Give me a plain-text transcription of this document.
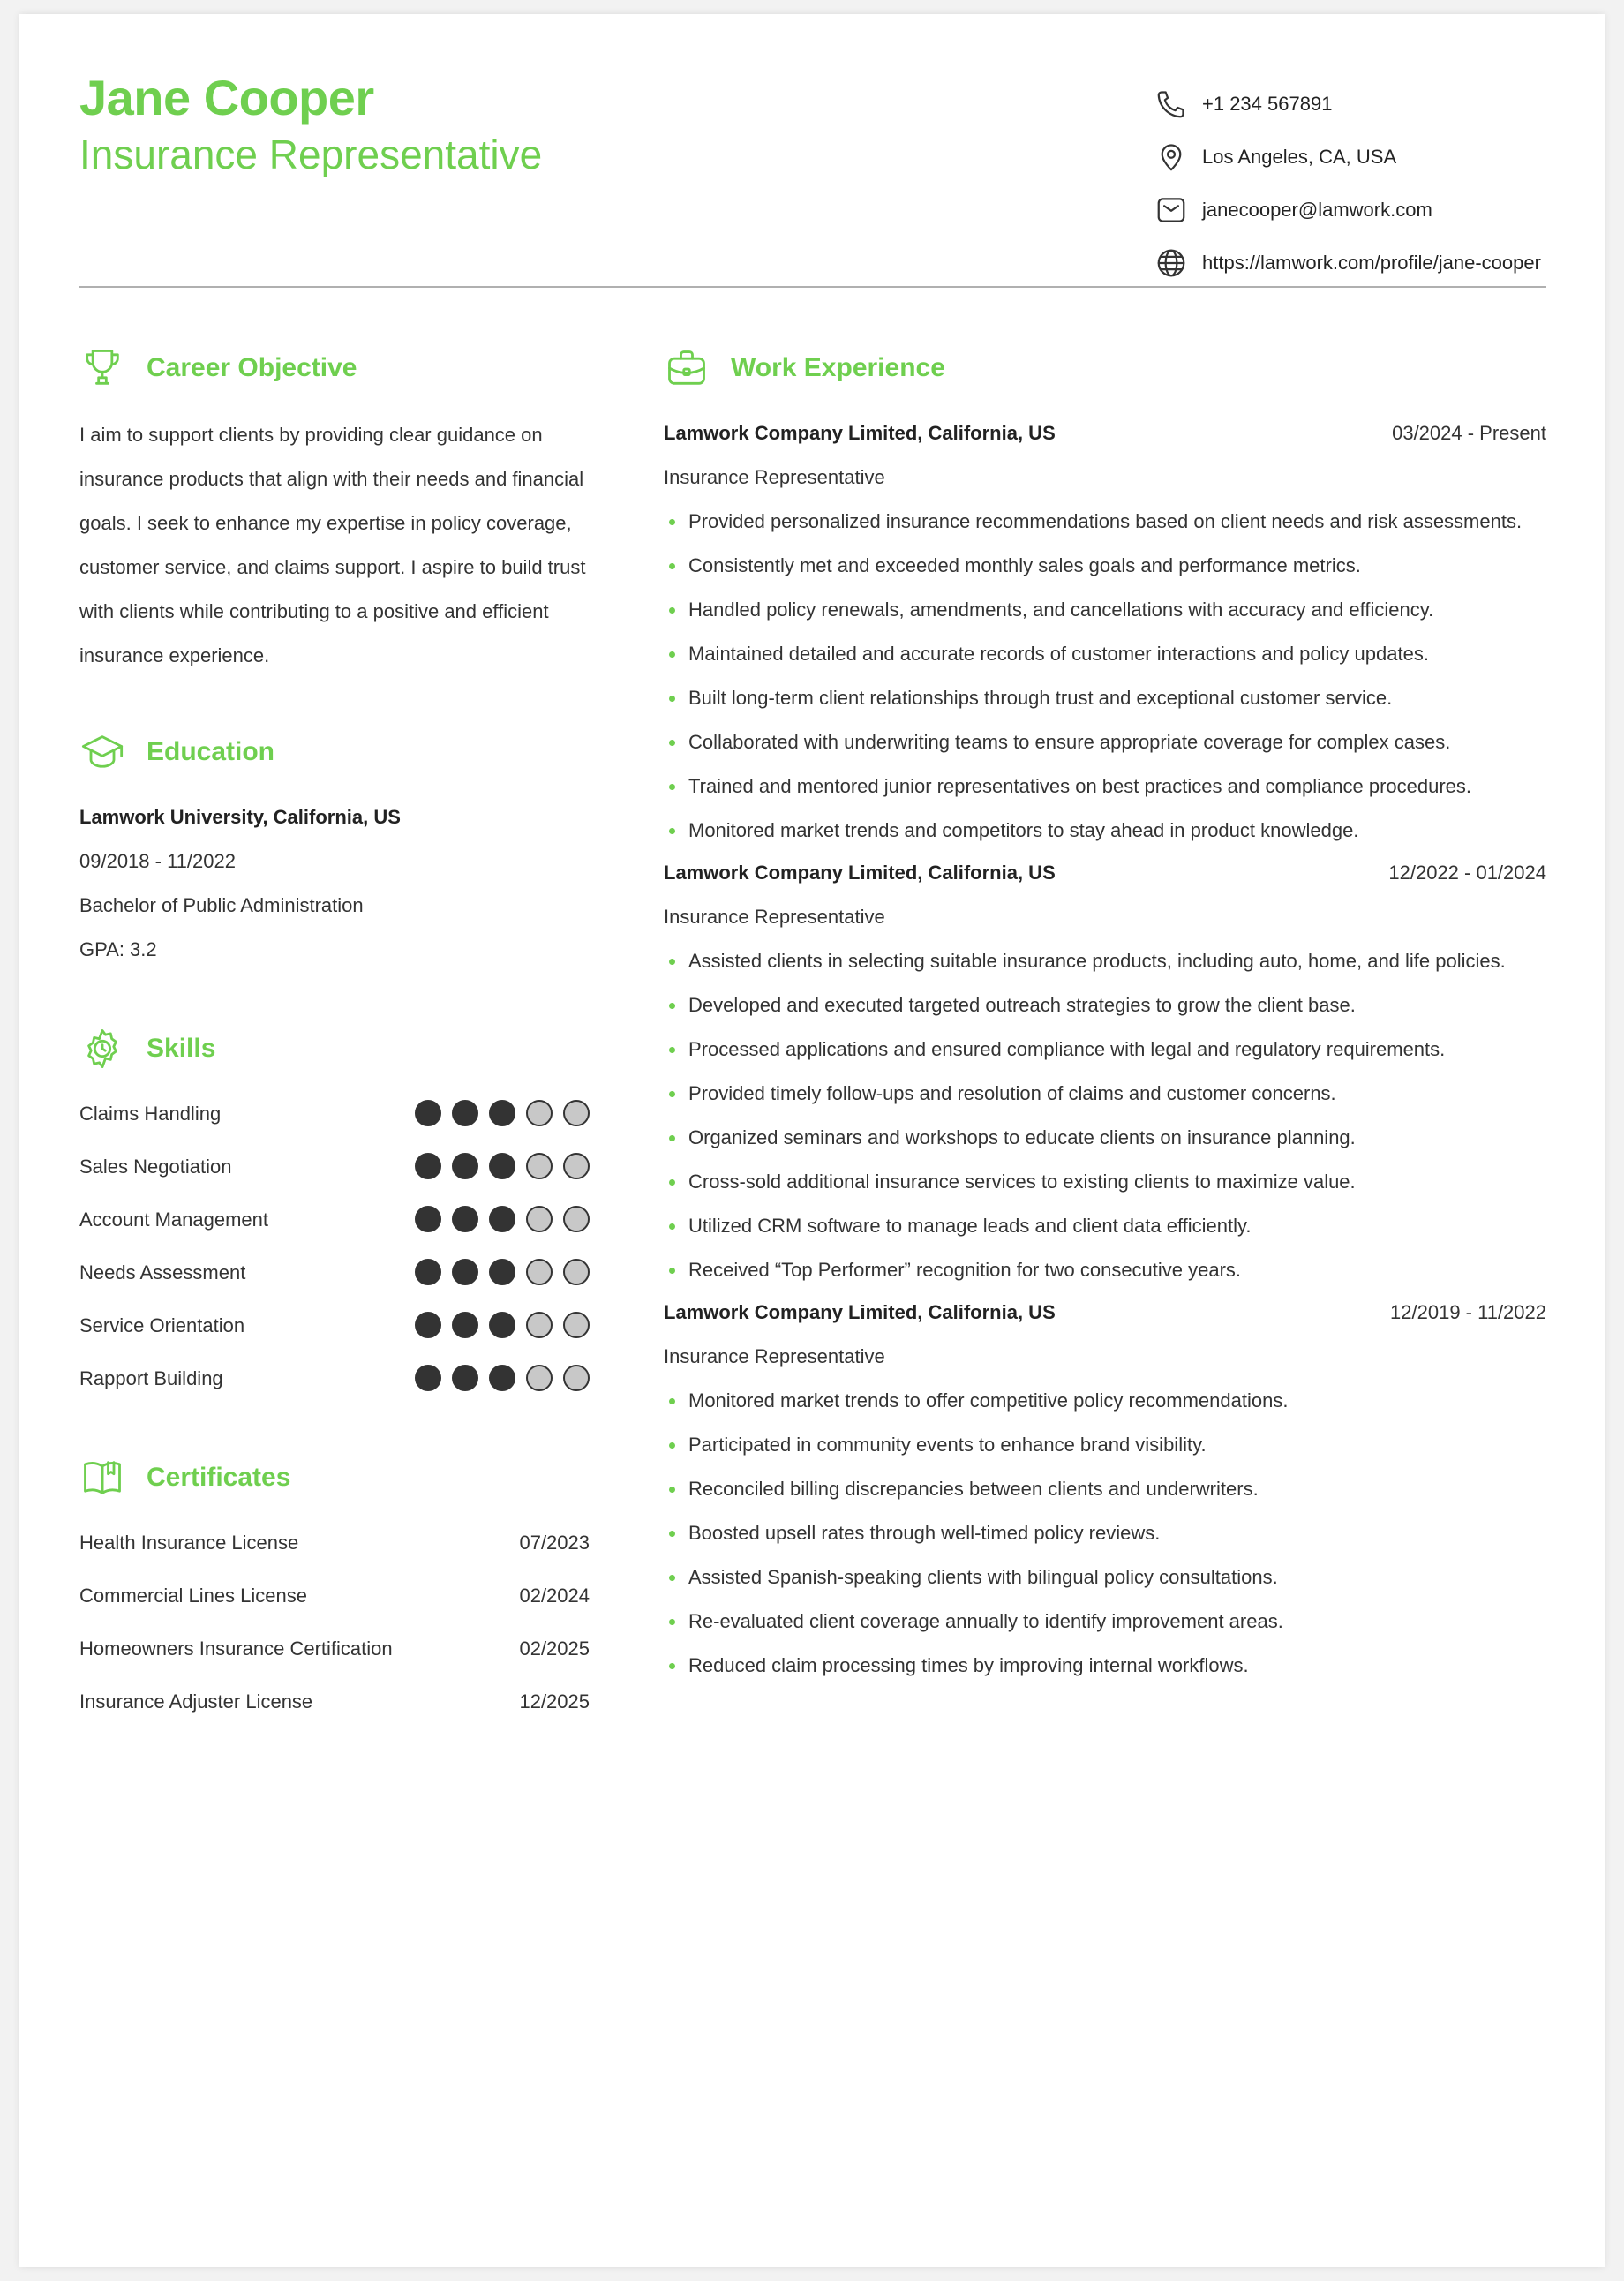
Jane Cooper
Insurance Representative
+1 234 567891
Los Angeles, CA, USA
janecooper@lamwork.com
https://lamwork.com/profile/jane-cooper
Career Objective
I aim to support clients by providing clear guidance on
insurance products that align with their needs and financial
goals. I seek to enhance my expertise in policy coverage,
customer service, and claims support. I aspire to build trust
with clients while contributing to a positive and efficient
insurance experience.
Education
Lamwork University, California, US
09/2018 - 11/2022
Bachelor of Public Administration
GPA: 3.2
Skills
Claims Handling
Sales Negotiation
Account Management
Needs Assessment
Service Orientation
Rapport Building
Certificates
Health Insurance License	07/2023
Commercial Lines License	02/2024
Homeowners Insurance Certification	02/2025
Insurance Adjuster License	12/2025
Work Experience
Lamwork Company Limited, California, US	03/2024 - Present
Insurance Representative
Provided personalized insurance recommendations based on client needs and risk assessments.
Consistently met and exceeded monthly sales goals and performance metrics.
Handled policy renewals, amendments, and cancellations with accuracy and efficiency.
Maintained detailed and accurate records of customer interactions and policy updates.
Built long-term client relationships through trust and exceptional customer service.
Collaborated with underwriting teams to ensure appropriate coverage for complex cases.
Trained and mentored junior representatives on best practices and compliance procedures.
Monitored market trends and competitors to stay ahead in product knowledge.
Lamwork Company Limited, California, US	12/2022 - 01/2024
Insurance Representative
Assisted clients in selecting suitable insurance products, including auto, home, and life policies.
Developed and executed targeted outreach strategies to grow the client base.
Processed applications and ensured compliance with legal and regulatory requirements.
Provided timely follow-ups and resolution of claims and customer concerns.
Organized seminars and workshops to educate clients on insurance planning.
Cross-sold additional insurance services to existing clients to maximize value.
Utilized CRM software to manage leads and client data efficiently.
Received “Top Performer” recognition for two consecutive years.
Lamwork Company Limited, California, US	12/2019 - 11/2022
Insurance Representative
Monitored market trends to offer competitive policy recommendations.
Participated in community events to enhance brand visibility.
Reconciled billing discrepancies between clients and underwriters.
Boosted upsell rates through well-timed policy reviews.
Assisted Spanish-speaking clients with bilingual policy consultations.
Re-evaluated client coverage annually to identify improvement areas.
Reduced claim processing times by improving internal workflows.
